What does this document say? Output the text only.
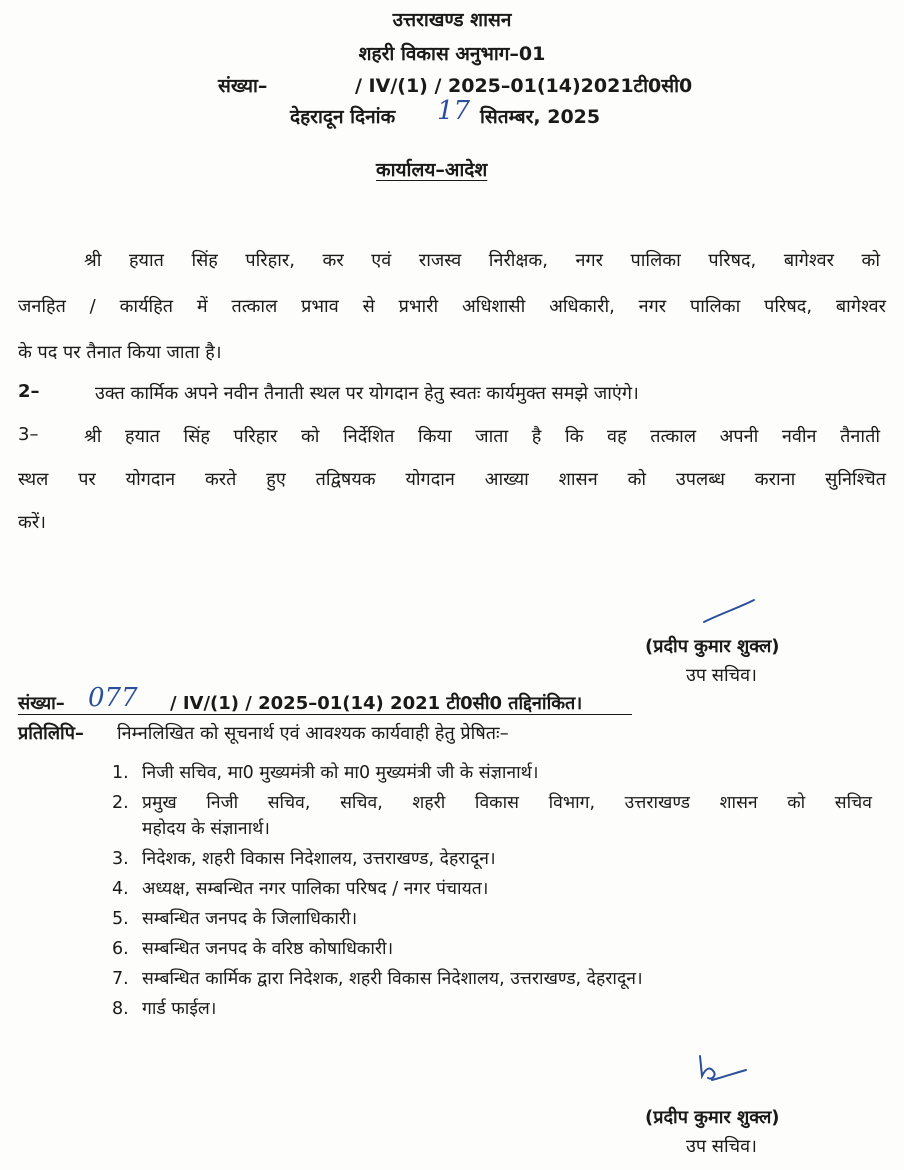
उत्तराखण्ड शासन
शहरी विकास अनुभाग–01
संख्या–	/ IV/(1) / 2025–01(14)2021टी0सी0
देहरादून दिनांक 17 सितम्बर, 2025
कार्यालय–आदेश
श्री हयात सिंह परिहार, कर एवं राजस्व निरीक्षक, नगर पालिका परिषद, बागेश्वर को
जनहित / कार्यहित में तत्काल प्रभाव से प्रभारी अधिशासी अधिकारी, नगर पालिका परिषद, बागेश्वर
के पद पर तैनात किया जाता है।
2–	उक्त कार्मिक अपने नवीन तैनाती स्थल पर योगदान हेतु स्वतः कार्यमुक्त समझे जाएंगे।
3–	श्री हयात सिंह परिहार को निर्देशित किया जाता है कि वह तत्काल अपनी नवीन तैनाती
स्थल पर योगदान करते हुए तद्विषयक योगदान आख्या शासन को उपलब्ध कराना सुनिश्चित
करें।
(प्रदीप कुमार शुक्ल)
उप सचिव।
संख्या– 077 / IV/(1) / 2025–01(14) 2021 टी0सी0 तद्दिनांकित।
प्रतिलिपि– निम्नलिखित को सूचनार्थ एवं आवश्यक कार्यवाही हेतु प्रेषितः–
1. निजी सचिव, मा0 मुख्यमंत्री को मा0 मुख्यमंत्री जी के संज्ञानार्थ।
2. प्रमुख निजी सचिव, सचिव, शहरी विकास विभाग, उत्तराखण्ड शासन को सचिव
महोदय के संज्ञानार्थ।
3. निदेशक, शहरी विकास निदेशालय, उत्तराखण्ड, देहरादून।
4. अध्यक्ष, सम्बन्धित नगर पालिका परिषद / नगर पंचायत।
5. सम्बन्धित जनपद के जिलाधिकारी।
6. सम्बन्धित जनपद के वरिष्ठ कोषाधिकारी।
7. सम्बन्धित कार्मिक द्वारा निदेशक, शहरी विकास निदेशालय, उत्तराखण्ड, देहरादून।
8. गार्ड फाईल।
(प्रदीप कुमार शुक्ल)
उप सचिव।
